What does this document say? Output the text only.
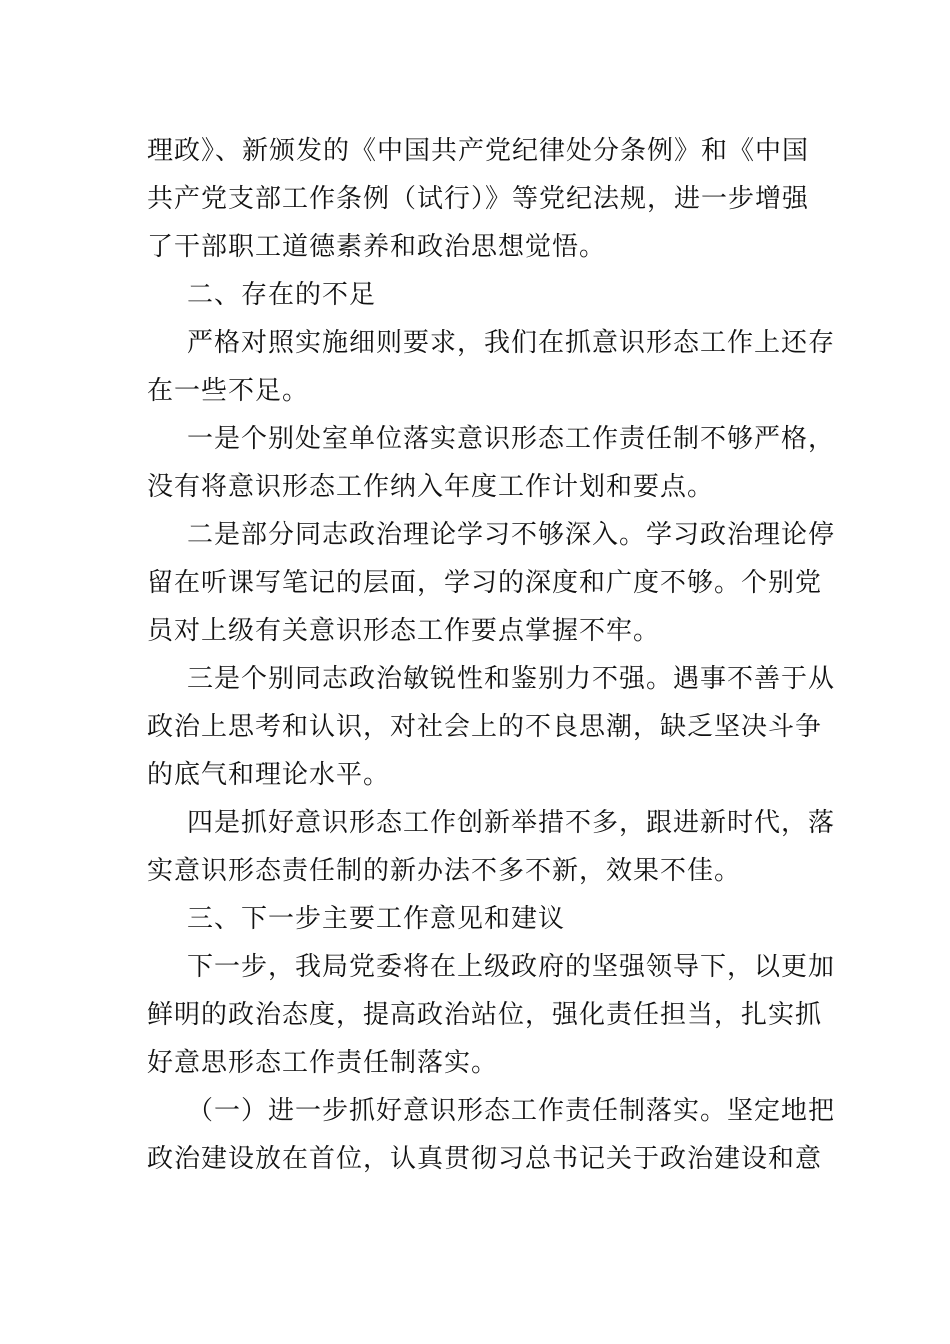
理政》、新颁发的《中国共产党纪律处分条例》和《中国
共产党支部工作条例（试行）》等党纪法规，进一步增强
了干部职工道德素养和政治思想觉悟。
二、存在的不足
严格对照实施细则要求，我们在抓意识形态工作上还存
在一些不足。
一是个别处室单位落实意识形态工作责任制不够严格，
没有将意识形态工作纳入年度工作计划和要点。
二是部分同志政治理论学习不够深入。学习政治理论停
留在听课写笔记的层面，学习的深度和广度不够。个别党
员对上级有关意识形态工作要点掌握不牢。
三是个别同志政治敏锐性和鉴别力不强。遇事不善于从
政治上思考和认识，对社会上的不良思潮，缺乏坚决斗争
的底气和理论水平。
四是抓好意识形态工作创新举措不多，跟进新时代，落
实意识形态责任制的新办法不多不新，效果不佳。
三、下一步主要工作意见和建议
下一步，我局党委将在上级政府的坚强领导下，以更加
鲜明的政治态度，提高政治站位，强化责任担当，扎实抓
好意思形态工作责任制落实。
（一）进一步抓好意识形态工作责任制落实。坚定地把
政治建设放在首位，认真贯彻习总书记关于政治建设和意
